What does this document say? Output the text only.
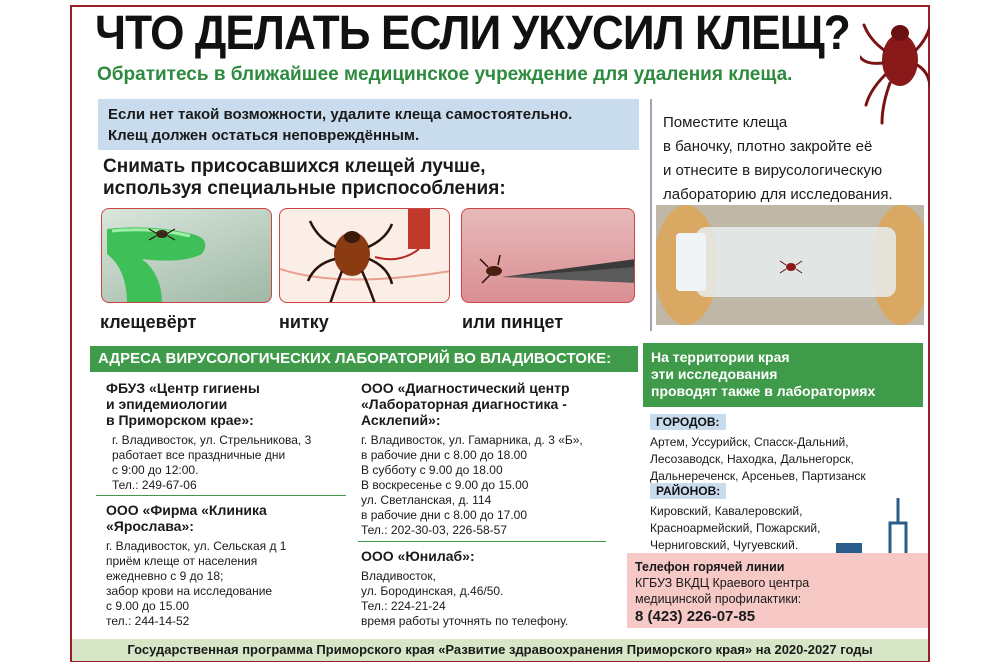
ЧТО ДЕЛАТЬ ЕСЛИ УКУСИЛ КЛЕЩ?
Обратитесь в ближайшее медицинское учреждение для удаления клеща.
Если нет такой возможности, удалите клеща самостоятельно.
Клещ должен остаться неповреждённым.
Снимать присосавшихся клещей лучше,
используя специальные приспособления:
клещевёрт	нитку	или пинцет
Поместите клеща
в баночку, плотно закройте её
и отнесите в вирусологическую
лабораторию для исследования.
АДРЕСА ВИРУСОЛОГИЧЕСКИХ ЛАБОРАТОРИЙ ВО ВЛАДИВОСТОКЕ:
ФБУЗ «Центр гигиены
и эпидемиологии
в Приморском крае»:
г. Владивосток, ул. Стрельникова, 3
работает все праздничные дни
с 9:00 до 12:00.
Тел.: 249-67-06
ООО «Фирма «Клиника
«Ярослава»:
г. Владивосток, ул. Сельская д 1
приём клеще от населения
ежедневно с 9 до 18;
забор крови на исследование
с 9.00 до 15.00
тел.: 244-14-52
ООО «Диагностический центр
«Лабораторная диагностика -
Асклепий»:
г. Владивосток, ул. Гамарника, д. 3 «Б»,
в рабочие дни с 8.00 до 18.00
В субботу с 9.00 до 18.00
В воскресенье с 9.00 до 15.00
ул. Светланская, д. 114
в рабочие дни с 8.00 до 17.00
Тел.: 202-30-03, 226-58-57
ООО «Юнилаб»:
Владивосток,
ул. Бородинская, д.46/50.
Тел.: 224-21-24
время работы уточнять по телефону.
На территории края
эти исследования
проводят также в лабораториях
ГОРОДОВ:
Артем, Уссурийск, Спасск-Дальний,
Лесозаводск, Находка, Дальнегорск,
Дальнереченск, Арсеньев, Партизанск
РАЙОНОВ:
Кировский, Кавалеровский,
Красноармейский, Пожарский,
Черниговский, Чугуевский.
Телефон горячей линии
КГБУЗ ВКДЦ Краевого центра
медицинской профилактики:
8 (423) 226-07-85
Государственная программа Приморского края «Развитие здравоохранения Приморского края» на 2020-2027 годы
